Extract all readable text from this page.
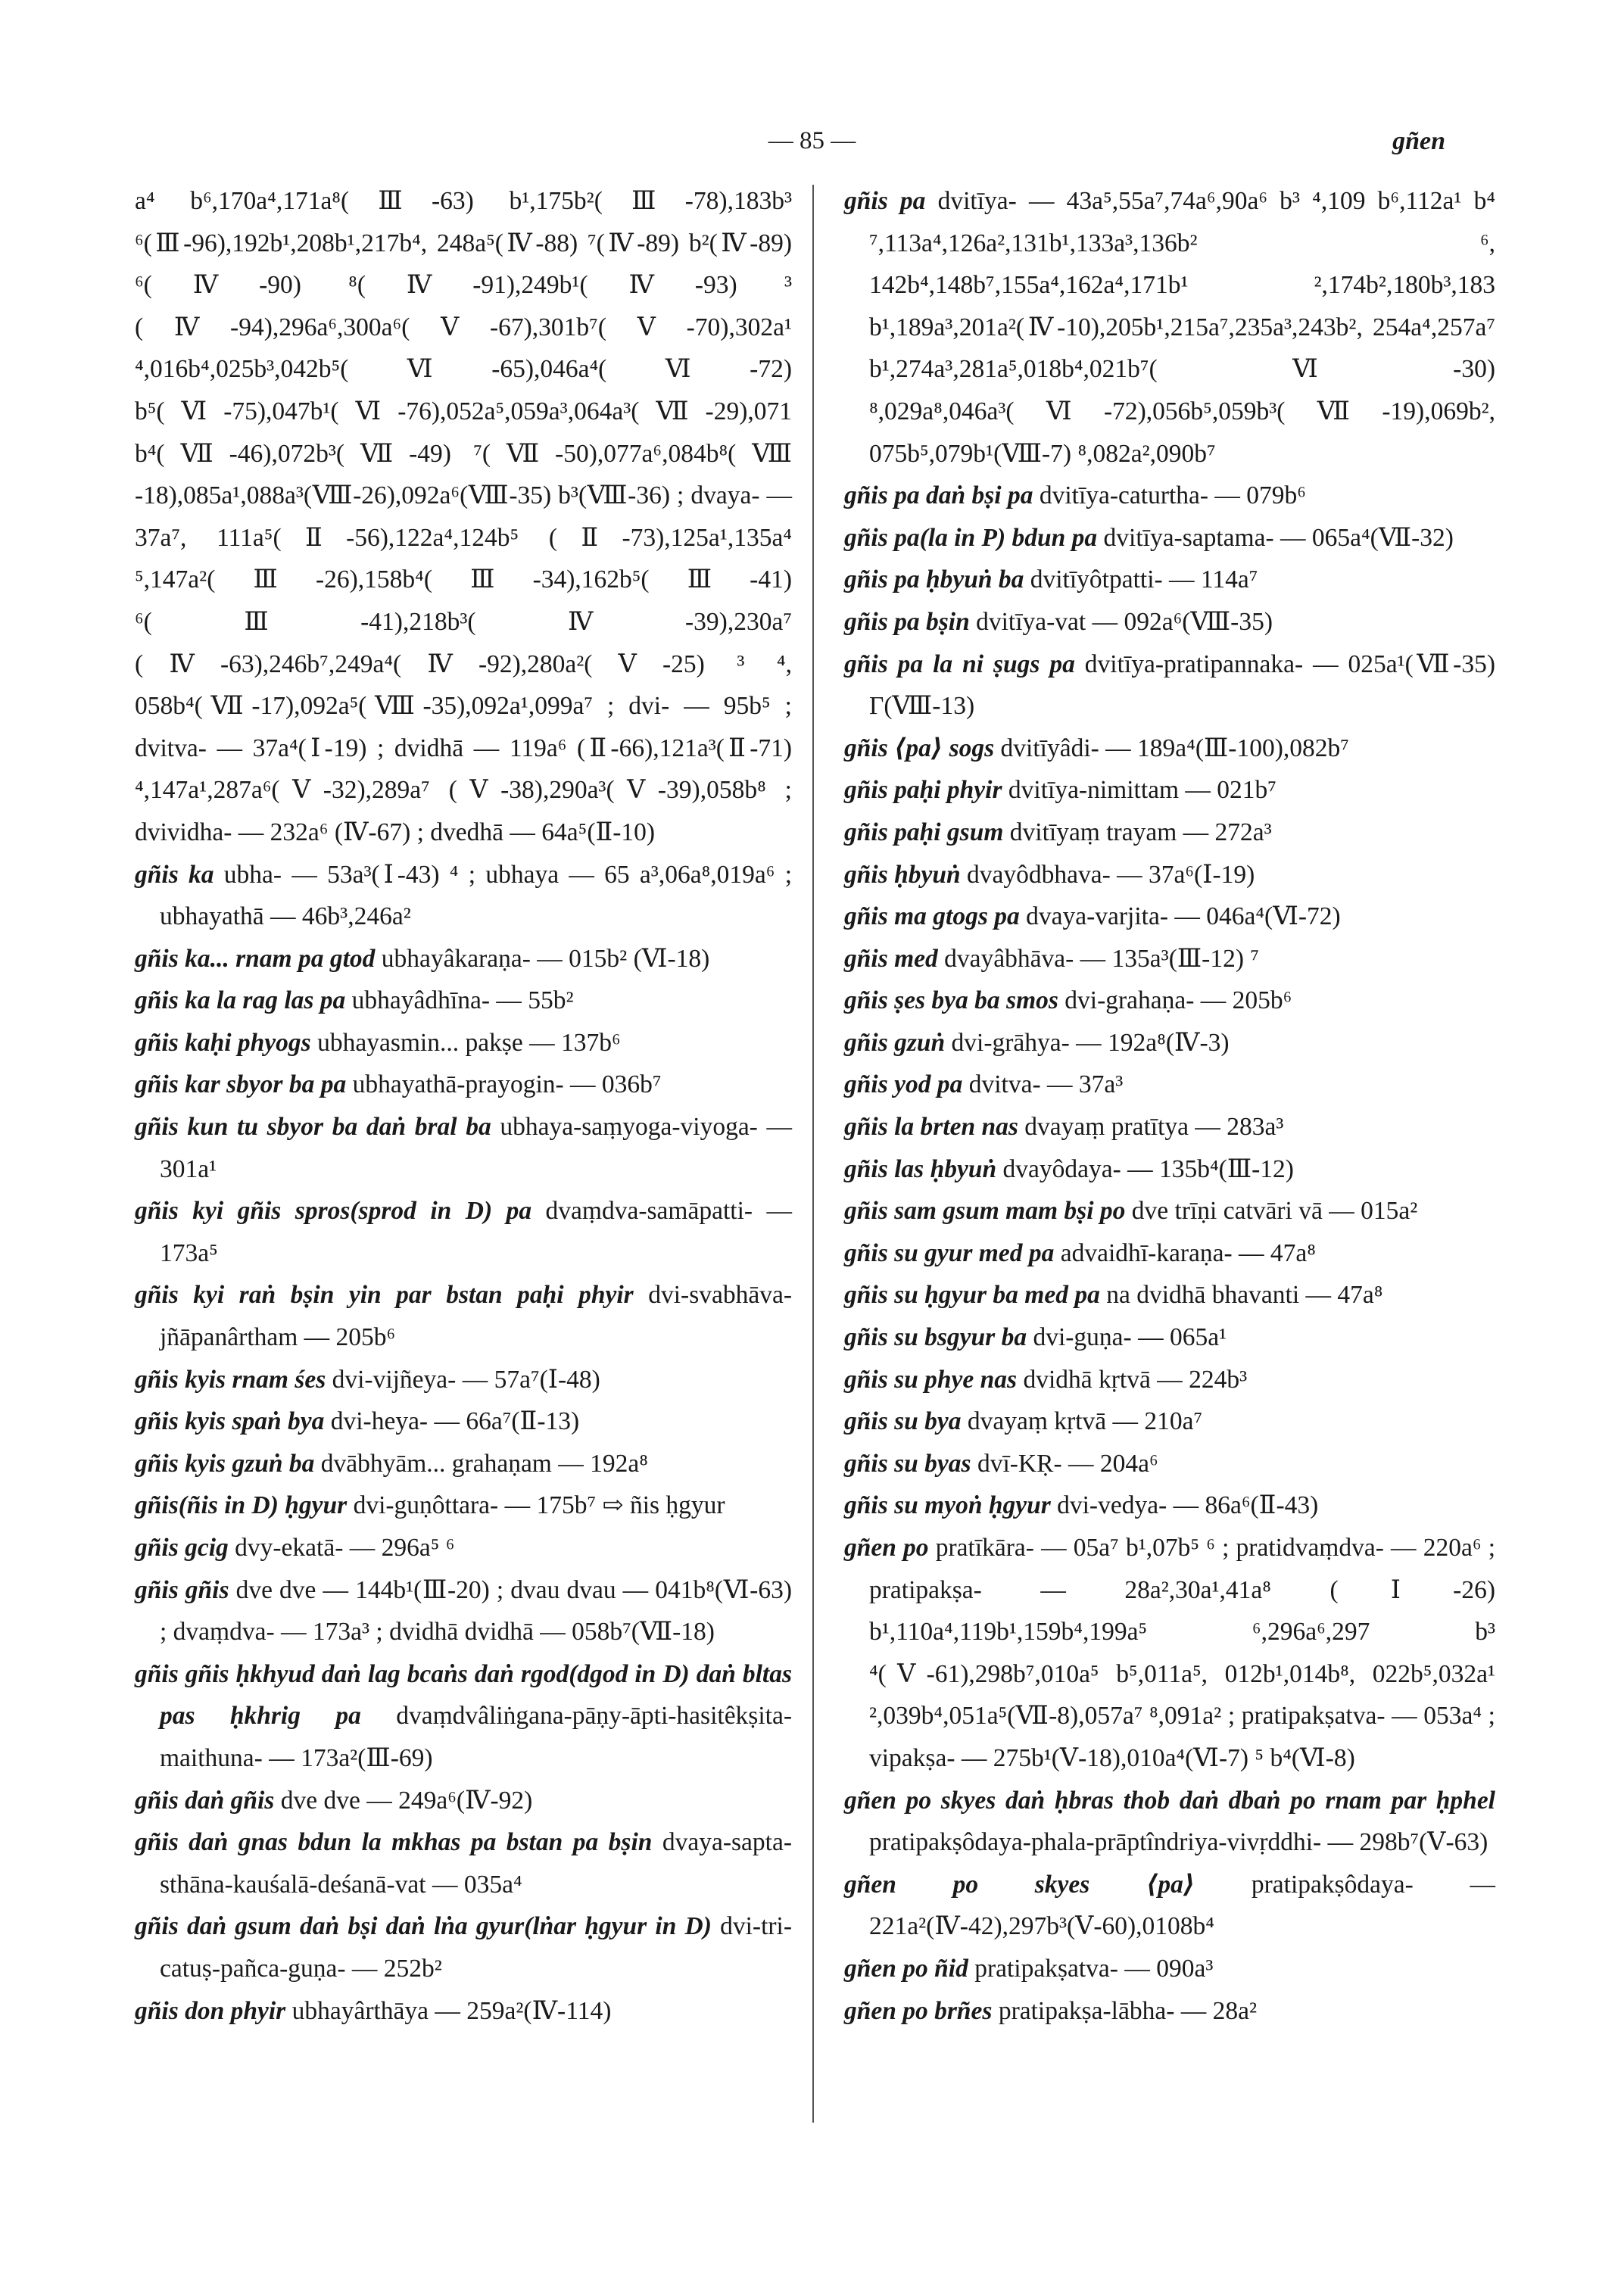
— 85 —	gñen

a⁴ b⁶,170a⁴,171a⁸(Ⅲ-63) b¹,175b²(Ⅲ-78),183b³ ⁶(Ⅲ-96),192b¹,208b¹,217b⁴, 248a⁵(Ⅳ-88) ⁷(Ⅳ-89) b²(Ⅳ-89) ⁶(Ⅳ-90) ⁸(Ⅳ-91),249b¹(Ⅳ-93) ³ (Ⅳ-94),296a⁶,300a⁶(Ⅴ-67),301b⁷(Ⅴ-70),302a¹ ⁴,016b⁴,025b³,042b⁵(Ⅵ-65),046a⁴(Ⅵ-72) b⁵(Ⅵ-75),047b¹(Ⅵ-76),052a⁵,059a³,064a³(Ⅶ-29),071 b⁴(Ⅶ-46),072b³(Ⅶ-49) ⁷(Ⅶ-50),077a⁶,084b⁸(Ⅷ -18),085a¹,088a³(Ⅷ-26),092a⁶(Ⅷ-35) b³(Ⅷ-36) ; dvaya- — 37a⁷, 111a⁵(Ⅱ-56),122a⁴,124b⁵ (Ⅱ-73),125a¹,135a⁴ ⁵,147a²(Ⅲ-26),158b⁴(Ⅲ-34),162b⁵(Ⅲ-41) ⁶(Ⅲ-41),218b³(Ⅳ-39),230a⁷ (Ⅳ-63),246b⁷,249a⁴(Ⅳ-92),280a²(Ⅴ-25) ³ ⁴, 058b⁴(Ⅶ-17),092a⁵(Ⅷ-35),092a¹,099a⁷ ; dvi- — 95b⁵ ; dvitva- — 37a⁴(Ⅰ-19) ; dvidhā — 119a⁶ (Ⅱ-66),121a³(Ⅱ-71) ⁴,147a¹,287a⁶(Ⅴ-32),289a⁷ (Ⅴ-38),290a³(Ⅴ-39),058b⁸ ; dvividha- — 232a⁶ (Ⅳ-67) ; dvedhā — 64a⁵(Ⅱ-10)

gñis ka ubha- — 53a³(Ⅰ-43) ⁴ ; ubhaya — 65 a³,06a⁸,019a⁶ ; ubhayathā — 46b³,246a²

gñis ka... rnam pa gtod ubhayâkaraṇa- — 015b² (Ⅵ-18)

gñis ka la rag las pa ubhayâdhīna- — 55b²

gñis kaḥi phyogs ubhayasmin... pakṣe — 137b⁶

gñis kar sbyor ba pa ubhayathā-prayogin- — 036b⁷

gñis kun tu sbyor ba daṅ bral ba ubhaya-saṃyoga-viyoga- — 301a¹

gñis kyi gñis spros(sprod in D) pa dvaṃdva-samāpatti- — 173a⁵

gñis kyi raṅ bṣin yin par bstan paḥi phyir dvi-svabhāva-jñāpanârtham — 205b⁶

gñis kyis rnam śes dvi-vijñeya- — 57a⁷(Ⅰ-48)

gñis kyis spaṅ bya dvi-heya- — 66a⁷(Ⅱ-13)

gñis kyis gzuṅ ba dvābhyām... grahaṇam — 192a⁸

gñis(ñis in D) ḥgyur dvi-guṇôttara- — 175b⁷ ⇨ ñis ḥgyur

gñis gcig dvy-ekatā- — 296a⁵ ⁶

gñis gñis dve dve — 144b¹(Ⅲ-20) ; dvau dvau — 041b⁸(Ⅵ-63) ; dvaṃdva- — 173a³ ; dvidhā dvidhā — 058b⁷(Ⅶ-18)

gñis gñis ḥkhyud daṅ lag bcaṅs daṅ rgod(dgod in D) daṅ bltas pas ḥkhrig pa dvaṃdvâliṅgana-pāṇy-āpti-hasitêkṣita-maithuna- — 173a²(Ⅲ-69)

gñis daṅ gñis dve dve — 249a⁶(Ⅳ-92)

gñis daṅ gnas bdun la mkhas pa bstan pa bṣin dvaya-sapta-sthāna-kauśalā-deśanā-vat — 035a⁴

gñis daṅ gsum daṅ bṣi daṅ lṅa gyur(lṅar ḥgyur in D) dvi-tri-catuṣ-pañca-guṇa- — 252b²

gñis don phyir ubhayârthāya — 259a²(Ⅳ-114)

gñis pa dvitīya- — 43a⁵,55a⁷,74a⁶,90a⁶ b³ ⁴,109 b⁶,112a¹ b⁴ ⁷,113a⁴,126a²,131b¹,133a³,136b² ⁶, 142b⁴,148b⁷,155a⁴,162a⁴,171b¹ ²,174b²,180b³,183 b¹,189a³,201a²(Ⅳ-10),205b¹,215a⁷,235a³,243b², 254a⁴,257a⁷ b¹,274a³,281a⁵,018b⁴,021b⁷(Ⅵ-30) ⁸,029a⁸,046a³(Ⅵ-72),056b⁵,059b³(Ⅶ-19),069b², 075b⁵,079b¹(Ⅷ-7) ⁸,082a²,090b⁷

gñis pa daṅ bṣi pa dvitīya-caturtha- — 079b⁶

gñis pa(la in P) bdun pa dvitīya-saptama- — 065a⁴(Ⅶ-32)

gñis pa ḥbyuṅ ba dvitīyôtpatti- — 114a⁷

gñis pa bṣin dvitīya-vat — 092a⁶(Ⅷ-35)

gñis pa la ni ṣugs pa dvitīya-pratipannaka- — 025a¹(Ⅶ-35) Γ(Ⅷ-13)

gñis ⟨pa⟩ sogs dvitīyâdi- — 189a⁴(Ⅲ-100),082b⁷

gñis paḥi phyir dvitīya-nimittam — 021b⁷

gñis paḥi gsum dvitīyaṃ trayam — 272a³

gñis ḥbyuṅ dvayôdbhava- — 37a⁶(Ⅰ-19)

gñis ma gtogs pa dvaya-varjita- — 046a⁴(Ⅵ-72)

gñis med dvayâbhāva- — 135a³(Ⅲ-12) ⁷

gñis ṣes bya ba smos dvi-grahaṇa- — 205b⁶

gñis gzuṅ dvi-grāhya- — 192a⁸(Ⅳ-3)

gñis yod pa dvitva- — 37a³

gñis la brten nas dvayaṃ pratītya — 283a³

gñis las ḥbyuṅ dvayôdaya- — 135b⁴(Ⅲ-12)

gñis sam gsum mam bṣi po dve trīṇi catvāri vā — 015a²

gñis su gyur med pa advaidhī-karaṇa- — 47a⁸

gñis su ḥgyur ba med pa na dvidhā bhavanti — 47a⁸

gñis su bsgyur ba dvi-guṇa- — 065a¹

gñis su phye nas dvidhā kṛtvā — 224b³

gñis su bya dvayaṃ kṛtvā — 210a⁷

gñis su byas dvī-KṚ- — 204a⁶

gñis su myoṅ ḥgyur dvi-vedya- — 86a⁶(Ⅱ-43)

gñen po pratīkāra- — 05a⁷ b¹,07b⁵ ⁶ ; pratidvaṃdva- — 220a⁶ ; pratipakṣa- — 28a²,30a¹,41a⁸ (Ⅰ-26) b¹,110a⁴,119b¹,159b⁴,199a⁵ ⁶,296a⁶,297 b³ ⁴(Ⅴ-61),298b⁷,010a⁵ b⁵,011a⁵, 012b¹,014b⁸, 022b⁵,032a¹ ²,039b⁴,051a⁵(Ⅶ-8),057a⁷ ⁸,091a² ; pratipakṣatva- — 053a⁴ ; vipakṣa- — 275b¹(Ⅴ-18),010a⁴(Ⅵ-7) ⁵ b⁴(Ⅵ-8)

gñen po skyes daṅ ḥbras thob daṅ dbaṅ po rnam par ḥphel pratipakṣôdaya-phala-prāptîndriya-vivṛddhi- — 298b⁷(Ⅴ-63)

gñen po skyes ⟨pa⟩ pratipakṣôdaya- — 221a²(Ⅳ-42),297b³(Ⅴ-60),0108b⁴

gñen po ñid pratipakṣatva- — 090a³

gñen po brñes pratipakṣa-lābha- — 28a²
